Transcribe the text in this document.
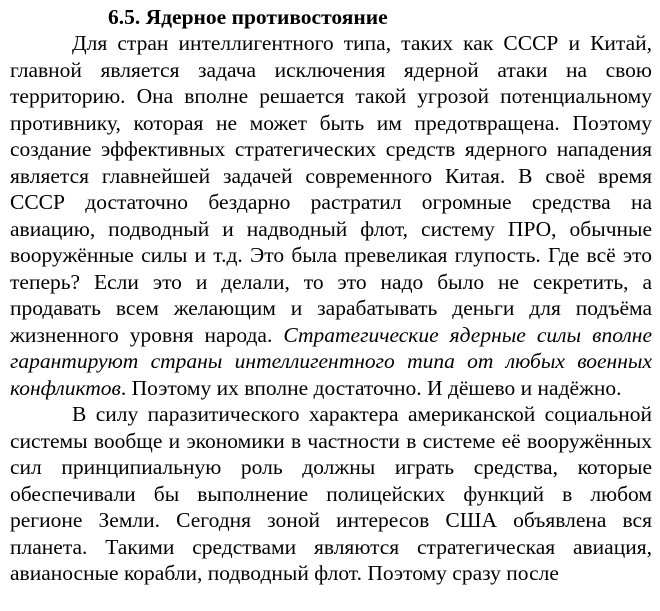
6.5. Ядерное противостояние

Для стран интеллигентного типа, таких как СССР и Китай, главной является задача исключения ядерной атаки на свою территорию. Она вполне решается такой угрозой потенциальному противнику, которая не может быть им предотвращена. Поэтому создание эффективных стратегических средств ядерного нападения является главнейшей задачей современного Китая. В своё время СССР достаточно бездарно растратил огромные средства на авиацию, подводный и надводный флот, систему ПРО, обычные вооружённые силы и т.д. Это была превеликая глупость. Где всё это теперь? Если это и делали, то это надо было не секретить, а продавать всем желающим и зарабатывать деньги для подъёма жизненного уровня народа. Стратегические ядерные силы вполне гарантируют страны интеллигентного типа от любых военных конфликтов. Поэтому их вполне достаточно. И дёшево и надёжно.

В силу паразитического характера американской социальной системы вообще и экономики в частности в системе её вооружённых сил принципиальную роль должны играть средства, которые обеспечивали бы выполнение полицейских функций в любом регионе Земли. Сегодня зоной интересов США объявлена вся планета. Такими средствами являются стратегическая авиация, авианосные корабли, подводный флот. Поэтому сразу после
